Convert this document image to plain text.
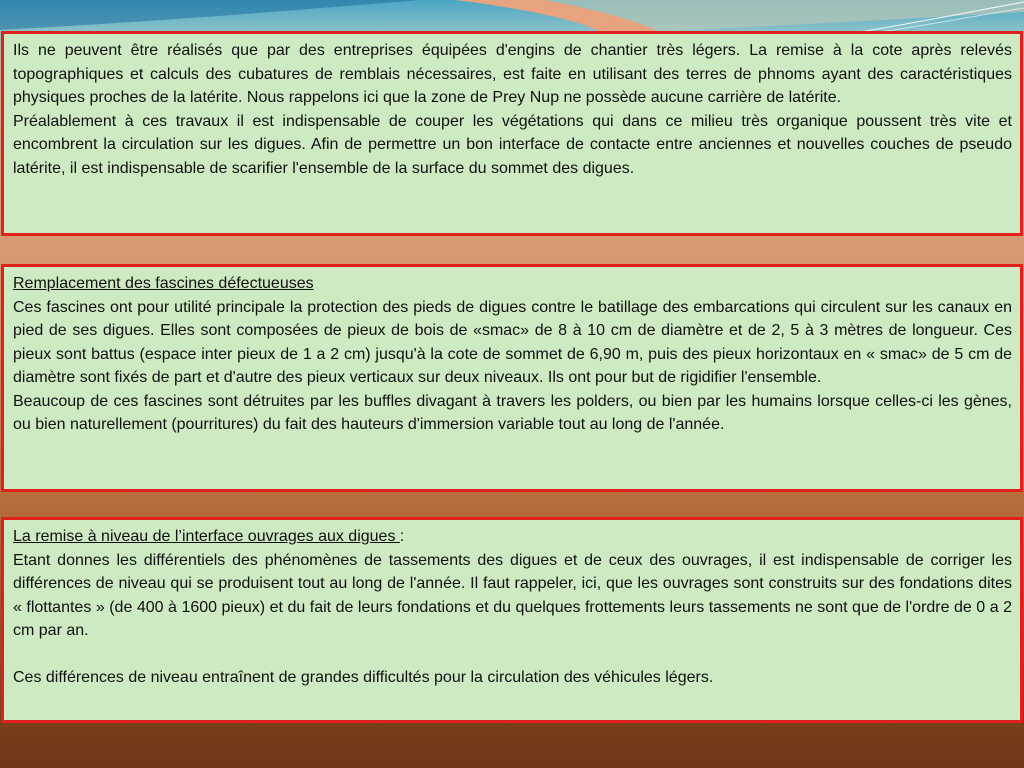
Ils ne peuvent être réalisés que par des entreprises équipées d'engins de chantier très légers. La remise à la cote après relevés topographiques et calculs des cubatures de remblais nécessaires, est faite en utilisant des terres de phnoms ayant des caractéristiques physiques proches de la latérite. Nous rappelons ici que la zone de Prey Nup ne possède aucune carrière de latérite.

Préalablement à ces travaux il est indispensable de couper les végétations qui dans ce milieu très organique poussent très vite et encombrent la circulation sur les digues. Afin de permettre un bon interface de contacte entre anciennes et nouvelles couches de pseudo latérite, il est indispensable de scarifier l'ensemble de la surface du sommet des digues.

Remplacement des fascines défectueuses

Ces fascines ont pour utilité principale la protection des pieds de digues contre le batillage des embarcations qui circulent sur les canaux en pied de ses digues. Elles sont composées de pieux de bois de «smac» de 8 à 10 cm de diamètre et de 2, 5 à 3 mètres de longueur. Ces pieux sont battus (espace inter pieux de 1 a 2 cm) jusqu'à la cote de sommet de 6,90 m, puis des pieux horizontaux en « smac» de 5 cm de diamètre sont fixés de part et d'autre des pieux verticaux sur deux niveaux. Ils ont pour but de rigidifier l'ensemble.

Beaucoup de ces fascines sont détruites par les buffles divagant à travers les polders, ou bien par les humains lorsque celles-ci les gènes, ou bien naturellement (pourritures) du fait des hauteurs d'immersion variable tout au long de l'année.

La remise à niveau de l’interface ouvrages aux digues :

Etant donnes les différentiels des phénomènes de tassements des digues et de ceux des ouvrages, il est indispensable de corriger les différences de niveau qui se produisent tout au long de l'année. Il faut rappeler, ici, que les ouvrages sont construits sur des fondations dites « flottantes » (de 400 à 1600 pieux) et du fait de leurs fondations et du quelques frottements leurs tassements ne sont que de l'ordre de 0 a 2 cm par an.

Ces différences de niveau entraînent de grandes difficultés pour la circulation des véhicules légers.
